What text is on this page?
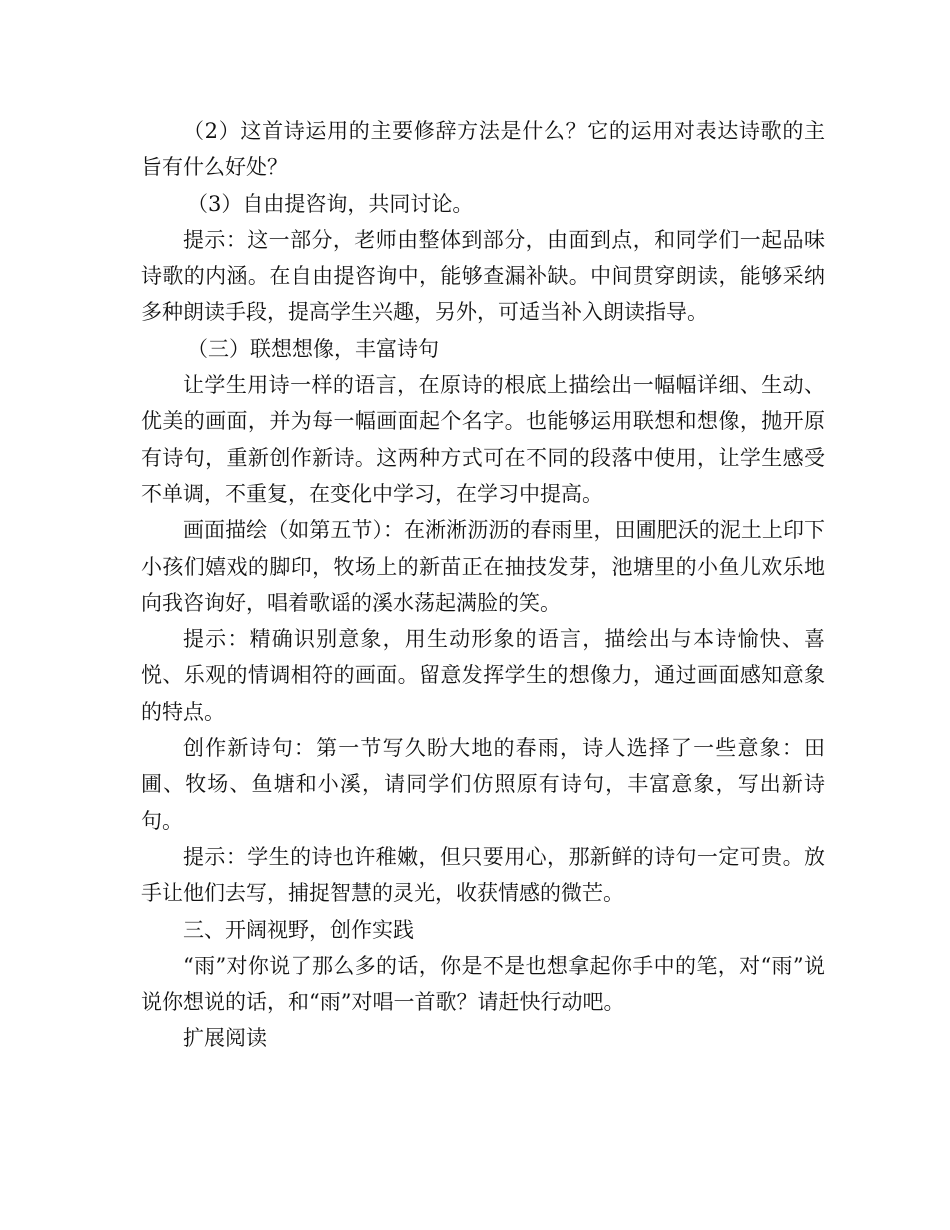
（2）这首诗运用的主要修辞方法是什么？它的运用对表达诗歌的主旨有什么好处？

（3）自由提咨询，共同讨论。

提示：这一部分，老师由整体到部分，由面到点，和同学们一起品味诗歌的内涵。在自由提咨询中，能够查漏补缺。中间贯穿朗读，能够采纳多种朗读手段，提高学生兴趣，另外，可适当补入朗读指导。

（三）联想想像，丰富诗句

让学生用诗一样的语言，在原诗的根底上描绘出一幅幅详细、生动、优美的画面，并为每一幅画面起个名字。也能够运用联想和想像，抛开原有诗句，重新创作新诗。这两种方式可在不同的段落中使用，让学生感受不单调，不重复，在变化中学习，在学习中提高。

画面描绘（如第五节）：在淅淅沥沥的春雨里，田圃肥沃的泥土上印下小孩们嬉戏的脚印，牧场上的新苗正在抽技发芽，池塘里的小鱼儿欢乐地向我咨询好，唱着歌谣的溪水荡起满脸的笑。

提示：精确识别意象，用生动形象的语言，描绘出与本诗愉快、喜悦、乐观的情调相符的画面。留意发挥学生的想像力，通过画面感知意象的特点。

创作新诗句：第一节写久盼大地的春雨，诗人选择了一些意象：田圃、牧场、鱼塘和小溪，请同学们仿照原有诗句，丰富意象，写出新诗句。

提示：学生的诗也许稚嫩，但只要用心，那新鲜的诗句一定可贵。放手让他们去写，捕捉智慧的灵光，收获情感的微芒。

三、开阔视野，创作实践

“雨”对你说了那么多的话，你是不是也想拿起你手中的笔，对“雨”说说你想说的话，和“雨”对唱一首歌？请赶快行动吧。

扩展阅读
